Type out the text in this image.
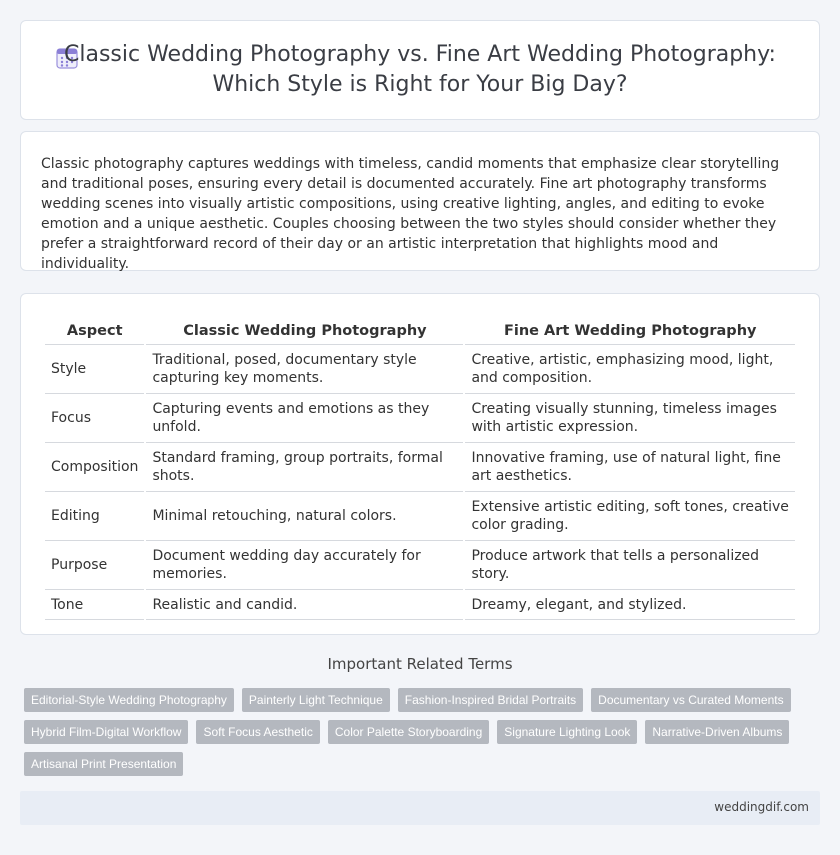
Classic Wedding Photography vs. Fine Art Wedding Photography: Which Style is Right for Your Big Day?

Classic photography captures weddings with timeless, candid moments that emphasize clear storytelling and traditional poses, ensuring every detail is documented accurately. Fine art photography transforms wedding scenes into visually artistic compositions, using creative lighting, angles, and editing to evoke emotion and a unique aesthetic. Couples choosing between the two styles should consider whether they prefer a straightforward record of their day or an artistic interpretation that highlights mood and individuality.

Aspect	Classic Wedding Photography	Fine Art Wedding Photography
Style	Traditional, posed, documentary style capturing key moments.	Creative, artistic, emphasizing mood, light, and composition.
Focus	Capturing events and emotions as they unfold.	Creating visually stunning, timeless images with artistic expression.
Composition	Standard framing, group portraits, formal shots.	Innovative framing, use of natural light, fine art aesthetics.
Editing	Minimal retouching, natural colors.	Extensive artistic editing, soft tones, creative color grading.
Purpose	Document wedding day accurately for memories.	Produce artwork that tells a personalized story.
Tone	Realistic and candid.	Dreamy, elegant, and stylized.
Important Related Terms
Editorial-Style Wedding Photography	Painterly Light Technique	Fashion-Inspired Bridal Portraits	Documentary vs Curated Moments
Hybrid Film-Digital Workflow	Soft Focus Aesthetic	Color Palette Storyboarding	Signature Lighting Look	Narrative-Driven Albums
Artisanal Print Presentation
weddingdif.com
